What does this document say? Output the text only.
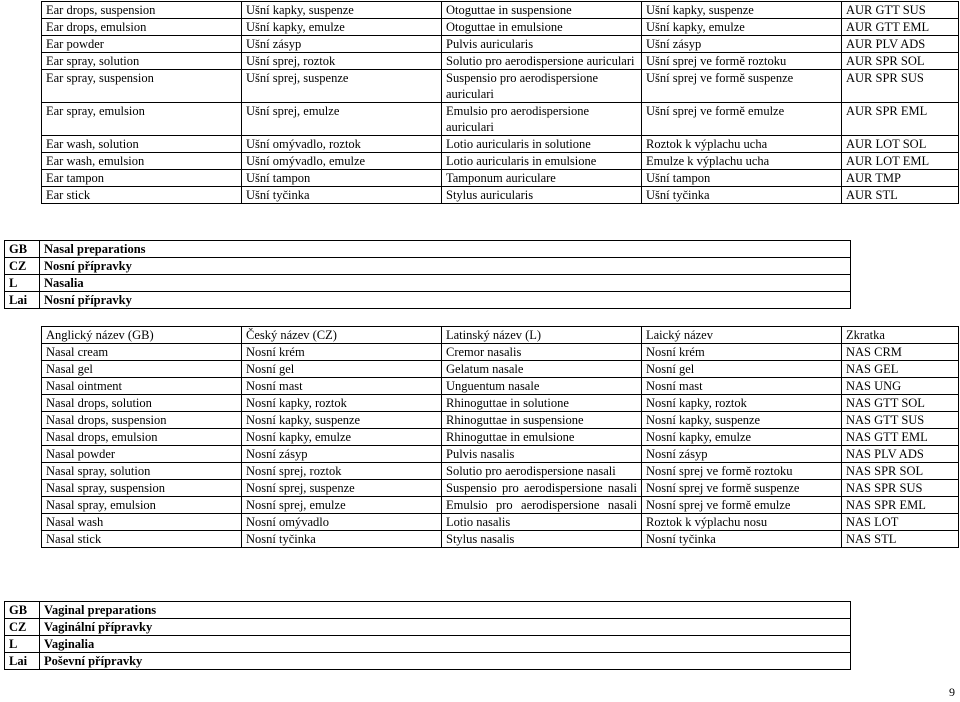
Ear drops, suspension	Ušní kapky, suspenze	Otoguttae in suspensione	Ušní kapky, suspenze	AUR GTT SUS
Ear drops, emulsion	Ušní kapky, emulze	Otoguttae in emulsione	Ušní kapky, emulze	AUR GTT EML
Ear powder	Ušní zásyp	Pulvis auricularis	Ušní zásyp	AUR PLV ADS
Ear spray, solution	Ušní sprej, roztok	Solutio pro aerodispersione auriculari	Ušní sprej ve formě roztoku	AUR SPR SOL
Ear spray, suspension	Ušní sprej, suspenze	Suspensio pro aerodispersione auriculari	Ušní sprej ve formě suspenze	AUR SPR SUS
Ear spray, emulsion	Ušní sprej, emulze	Emulsio pro aerodispersione auriculari	Ušní sprej ve formě emulze	AUR SPR EML
Ear wash, solution	Ušní omývadlo, roztok	Lotio auricularis in solutione	Roztok k výplachu ucha	AUR LOT SOL
Ear wash, emulsion	Ušní omývadlo, emulze	Lotio auricularis in emulsione	Emulze k výplachu ucha	AUR LOT EML
Ear tampon	Ušní tampon	Tamponum auriculare	Ušní tampon	AUR TMP
Ear stick	Ušní tyčinka	Stylus auricularis	Ušní tyčinka	AUR STL
GB	Nasal preparations
CZ	Nosní přípravky
L	Nasalia
Lai	Nosní přípravky
Anglický název (GB)	Český název (CZ)	Latinský název (L)	Laický název	Zkratka
Nasal cream	Nosní krém	Cremor nasalis	Nosní krém	NAS CRM
Nasal gel	Nosní gel	Gelatum nasale	Nosní gel	NAS GEL
Nasal ointment	Nosní mast	Unguentum nasale	Nosní mast	NAS UNG
Nasal drops, solution	Nosní kapky, roztok	Rhinoguttae in solutione	Nosní kapky, roztok	NAS GTT SOL
Nasal drops, suspension	Nosní kapky, suspenze	Rhinoguttae in suspensione	Nosní kapky, suspenze	NAS GTT SUS
Nasal drops, emulsion	Nosní kapky, emulze	Rhinoguttae in emulsione	Nosní kapky, emulze	NAS GTT EML
Nasal powder	Nosní zásyp	Pulvis nasalis	Nosní zásyp	NAS PLV ADS
Nasal spray, solution	Nosní sprej, roztok	Solutio pro aerodispersione nasali	Nosní sprej ve formě roztoku	NAS SPR SOL
Nasal spray, suspension	Nosní sprej, suspenze	Suspensio pro aerodispersione nasali	Nosní sprej ve formě suspenze	NAS SPR SUS
Nasal spray, emulsion	Nosní sprej, emulze	Emulsio pro aerodispersione nasali	Nosní sprej ve formě emulze	NAS SPR EML
Nasal wash	Nosní omývadlo	Lotio nasalis	Roztok k výplachu nosu	NAS LOT
Nasal stick	Nosní tyčinka	Stylus nasalis	Nosní tyčinka	NAS STL
GB	Vaginal preparations
CZ	Vaginální přípravky
L	Vaginalia
Lai	Poševní přípravky
9
